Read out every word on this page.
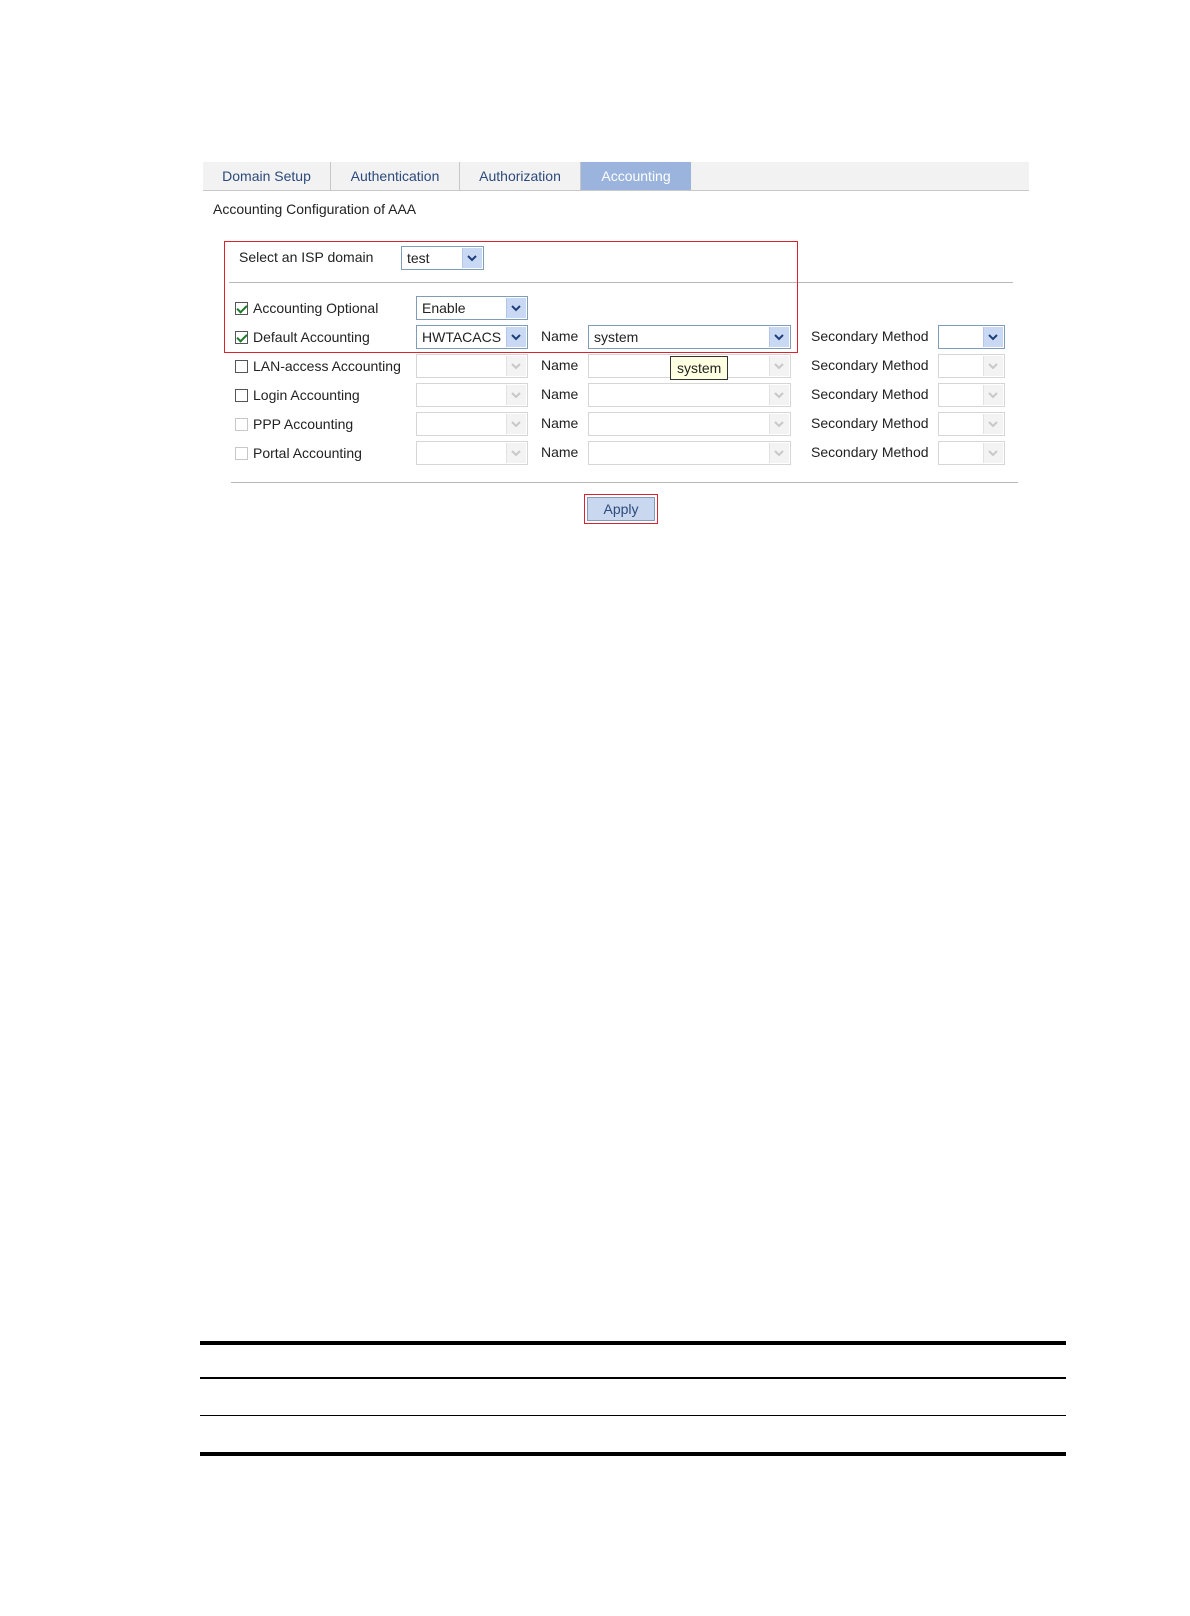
Domain Setup	Authentication	Authorization	Accounting
Accounting Configuration of AAA
Select an ISP domain test
Accounting Optional	Enable
Default Accounting	HWTACACS	Name system	Secondary Method
LAN-access Accounting	Name	Secondary Method
Login Accounting	Name	Secondary Method
PPP Accounting	Name	Secondary Method
Portal Accounting	Name	Secondary Method
system
Apply
